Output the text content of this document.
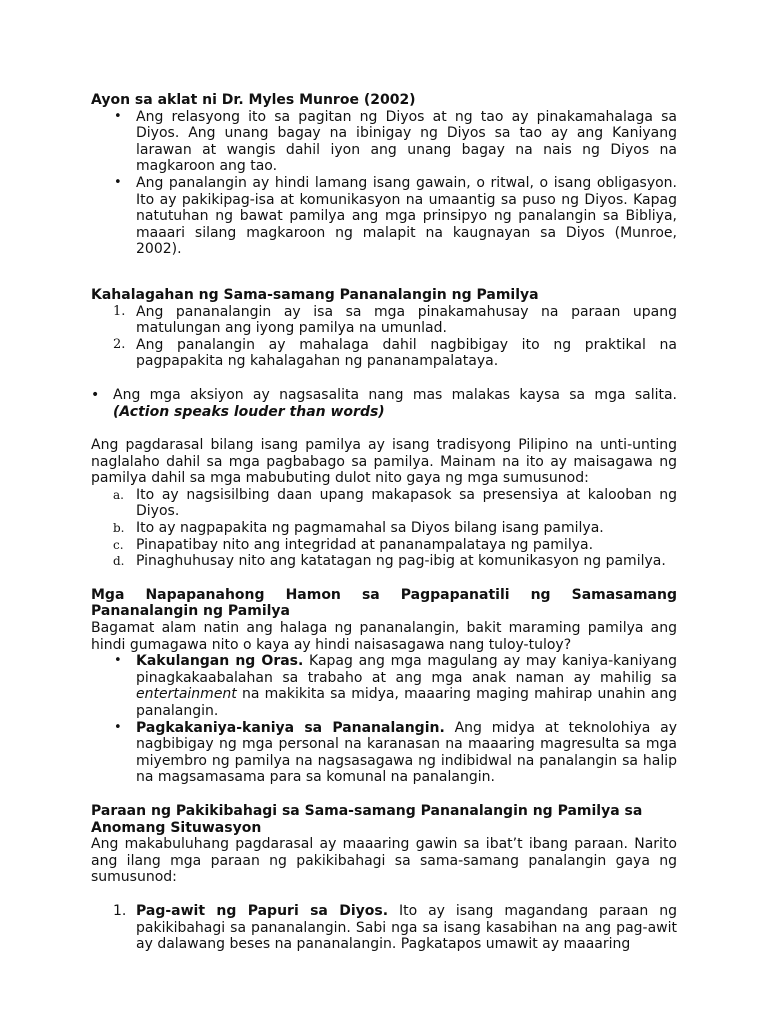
Ayon sa aklat ni Dr. Myles Munroe (2002)

• Ang relasyong ito sa pagitan ng Diyos at ng tao ay pinakamahalaga sa Diyos. Ang unang bagay na ibinigay ng Diyos sa tao ay ang Kaniyang larawan at wangis dahil iyon ang unang bagay na nais ng Diyos na magkaroon ang tao.
• Ang panalangin ay hindi lamang isang gawain, o ritwal, o isang obligasyon. Ito ay pakikipag-isa at komunikasyon na umaantig sa puso ng Diyos. Kapag natutuhan ng bawat pamilya ang mga prinsipyo ng panalangin sa Bibliya, maaari silang magkaroon ng malapit na kaugnayan sa Diyos (Munroe, 2002).

Kahalagahan ng Sama-samang Pananalangin ng Pamilya

1. Ang pananalangin ay isa sa mga pinakamahusay na paraan upang matulungan ang iyong pamilya na umunlad.
2. Ang panalangin ay mahalaga dahil nagbibigay ito ng praktikal na pagpapakita ng kahalagahan ng pananampalataya.
• Ang mga aksiyon ay nagsasalita nang mas malakas kaysa sa mga salita. (Action speaks louder than words)

Ang pagdarasal bilang isang pamilya ay isang tradisyong Pilipino na unti-unting naglalaho dahil sa mga pagbabago sa pamilya. Mainam na ito ay maisagawa ng pamilya dahil sa mga mabubuting dulot nito gaya ng mga sumusunod:

a. Ito ay nagsisilbing daan upang makapasok sa presensiya at kalooban ng Diyos.
b. Ito ay nagpapakita ng pagmamahal sa Diyos bilang isang pamilya.
c. Pinapatibay nito ang integridad at pananampalataya ng pamilya.
d. Pinaghuhusay nito ang katatagan ng pag-ibig at komunikasyon ng pamilya.

Mga Napapanahong Hamon sa Pagpapanatili ng Samasamang Pananalangin ng Pamilya

Bagamat alam natin ang halaga ng pananalangin, bakit maraming pamilya ang hindi gumagawa nito o kaya ay hindi naisasagawa nang tuloy-tuloy?

• Kakulangan ng Oras. Kapag ang mga magulang ay may kaniya-kaniyang pinagkakaabalahan sa trabaho at ang mga anak naman ay mahilig sa entertainment na makikita sa midya, maaaring maging mahirap unahin ang panalangin.
• Pagkakaniya-kaniya sa Pananalangin. Ang midya at teknolohiya ay nagbibigay ng mga personal na karanasan na maaaring magresulta sa mga miyembro ng pamilya na nagsasagawa ng indibidwal na panalangin sa halip na magsamasama para sa komunal na panalangin.

Paraan ng Pakikibahagi sa Sama-samang Pananalangin ng Pamilya sa Anomang Situwasyon

Ang makabuluhang pagdarasal ay maaaring gawin sa ibat’t ibang paraan. Narito ang ilang mga paraan ng pakikibahagi sa sama-samang panalangin gaya ng sumusunod:

1. Pag-awit ng Papuri sa Diyos. Ito ay isang magandang paraan ng pakikibahagi sa pananalangin. Sabi nga sa isang kasabihan na ang pag-awit ay dalawang beses na pananalangin. Pagkatapos umawit ay maaaring
